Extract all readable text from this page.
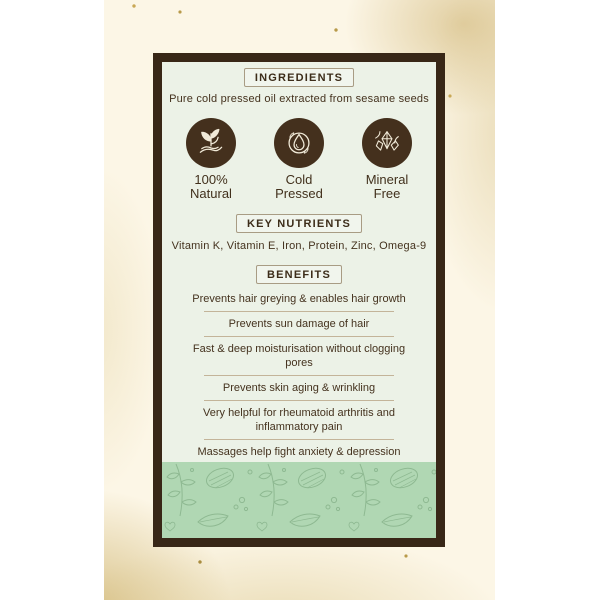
INGREDIENTS
Pure cold pressed oil extracted from sesame seeds
100% Natural
Cold Pressed
Mineral Free
KEY NUTRIENTS
Vitamin K, Vitamin E, Iron, Protein, Zinc, Omega-9
BENEFITS
Prevents hair greying & enables hair growth
Prevents sun damage of hair
Fast & deep moisturisation without clogging pores
Prevents skin aging & wrinkling
Very helpful for rheumatoid arthritis and inflammatory pain
Massages help fight anxiety & depression
